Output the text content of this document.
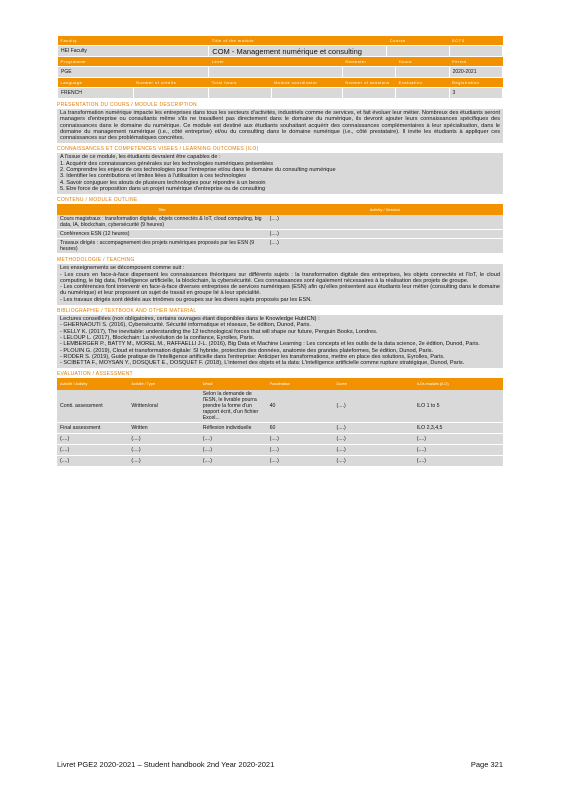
Faculty	Title of the module	Course	ECTS
HEI Faculty	COM - Management numérique et consulting		
Programme	Level	Semester	Hours	Period
PGE				2020-2021
Language	Number of credits	Total hours	Module coordinator	Number of sessions	Evaluation	Registration
FRENCH						3
PRESENTATION DU COURS / MODULE DESCRIPTION

La transformation numérique impacte les entreprises dans tous les secteurs d'activités, industriels comme de services, et fait évoluer leur métier. Nombreux des étudiants seront managers d'entreprise ou consultants même s'ils ne travaillent pas directement dans le domaine du numérique, ils devront ajouter leurs connaissances spécifiques des connaissances dans le domaine du numérique. Ce module est destiné aux étudiants souhaitant acquérir des connaissances complémentaires à leur spécialisation, dans le domaine du management numérique (i.e., côté entreprise) et/ou du consulting dans le domaine numérique (i.e., côté prestataire). Il invite les étudiants à appliquer ces connaissances sur des problématiques concrètes.

CONNAISSANCES ET COMPETENCES VISEES / LEARNING OUTCOMES (ILO)

A l'issue de ce module, les étudiants devraient être capables de :

1. Acquérir des connaissances générales sur les technologies numériques présentées

2. Comprendre les enjeux de ces technologies pour l'entreprise et/ou dans le domaine du consulting numérique

3. Identifier les contributions et limites liées à l'utilisation à ces technologies

4. Savoir conjuguer les atouts de plusieurs technologies pour répondre à un besoin

5. Etre force de proposition dans un projet numérique d'entreprise ou de consulting

CONTENU / MODULE OUTLINE
Title	Activity / Session
Cours magistraux : transformation digitale, objets connectés & IoT, cloud computing, big data, IA, blockchain, cybersécurité (9 heures)	(....)
Conférences ESN (12 heures)	(....)
Travaux dirigés : accompagnement des projets numériques proposés par les ESN (9 heures)	(....)
METHODOLOGIE / TEACHING

Les enseignements se décomposent comme suit :

- Les cours en face-à-face dispensent les connaissances théoriques sur différents sujets : la transformation digitale des entreprises, les objets connectés et l'IoT, le cloud computing, le big data, l'intelligence artificielle, la blockchain, la cybersécurité. Ces connaissances sont également nécessaires à la réalisation des projets de groupe.

- Les conférences font intervenir en face-à-face diverses entreprises de services numériques (ESN) afin qu'elles présentent aux étudiants leur métier (consulting dans le domaine du numérique) et leur proposent un sujet de travail en groupe lié à leur spécialité.

- Les travaux dirigés sont dédiés aux trinômes ou groupes sur les divers sujets proposés par les ESN.

BIBLIOGRAPHIE / TEXTBOOK AND OTHER MATERIAL

Lectures conseillées (non obligatoires, certains ouvrages étant disponibles dans le Knowledge HubICN) :

- GHERNAOUTI S. (2016), Cybersécurité. Sécurité informatique et réseaux, 5e édition, Dunod, Paris.

- KELLY K. (2017), The inevitable: understanding the 12 technological forces that will shape our future, Penguin Books, Londres.

- LELOUP L. (2017), Blockchain: La révolution de la confiance, Eyrolles, Paris.

- LEMBERGER P., BATTY M., MOREL M., RAFFAELLI J-L. (2016), Big Data et Machine Learning : Les concepts et les outils de la data science, 2e édition, Dunod, Paris.

- PLOUIN G. (2019), Cloud et transformation digitale: SI hybride, protection des données, anatomie des grandes plateformes, 5e édition, Dunod, Paris.

- RODER S. (2019), Guide pratique de l'intelligence artificielle dans l'entreprise: Anticiper les transformations, mettre en place des solutions, Eyrolles, Paris.

- SCIBETTA F., MOYSAN Y., DOSQUET E., DOSQUET F. (2018), L'internet des objets et la data: L'intelligence artificielle comme rupture stratégique, Dunod, Paris.

EVALUATION / ASSESSMENT
Activité / Activity	Activité / Type	Détail	Pondération	Durée	ILOs évalués (ILO)
Conti. assessment	Written/oral	Selon la demande de l'ESN, le livrable pourra prendre la forme d'un rapport écrit, d'un fichier Excel...	40	(....)	ILO 1 to 5
Final assessment	Written	Réflexion individuelle	60	(....)	ILO 2,3,4,5
(....)	(....)	(....)	(....)	(....)	(....)
(....)	(....)	(....)	(....)	(....)	(....)
(....)	(....)	(....)	(....)	(....)	(....)
Livret PGE2 2020-2021 – Student handbook 2nd Year 2020-2021	Page 321
